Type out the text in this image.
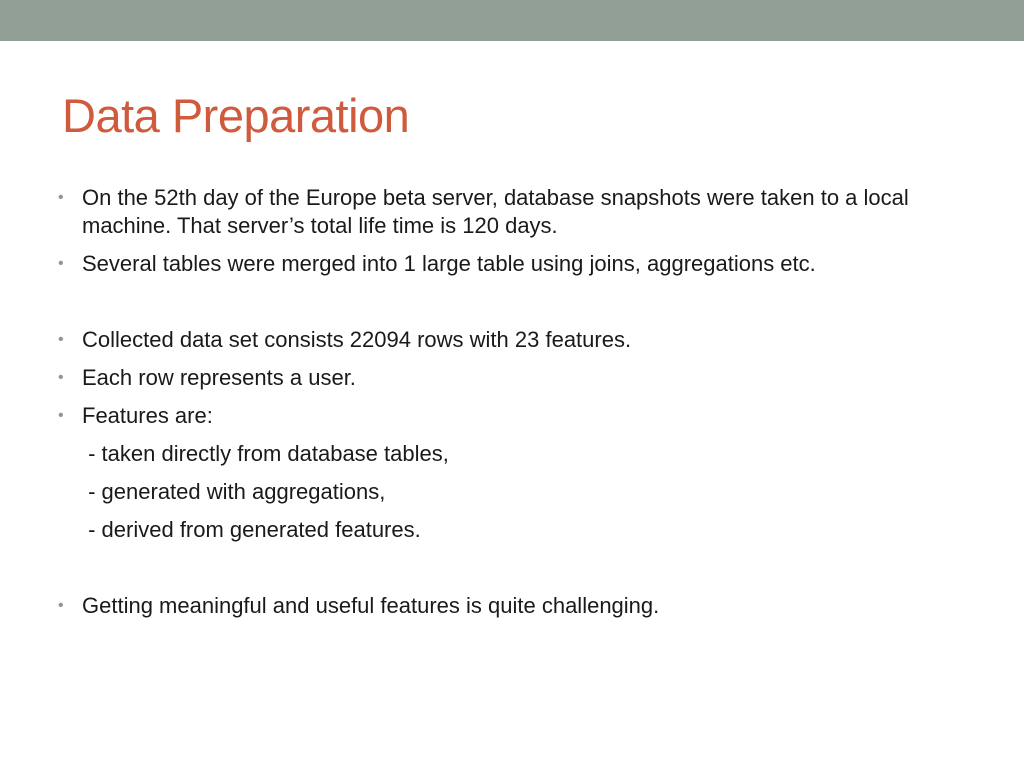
Data Preparation
• On the 52th day of the Europe beta server, database snapshots were taken to a local machine. That server’s total life time is 120 days.
• Several tables were merged into 1 large table using joins, aggregations etc.
• Collected data set consists 22094 rows with 23 features.
• Each row represents a user.
• Features are:
- taken directly from database tables,
- generated with aggregations,
- derived from generated features.
• Getting meaningful and useful features is quite challenging.
